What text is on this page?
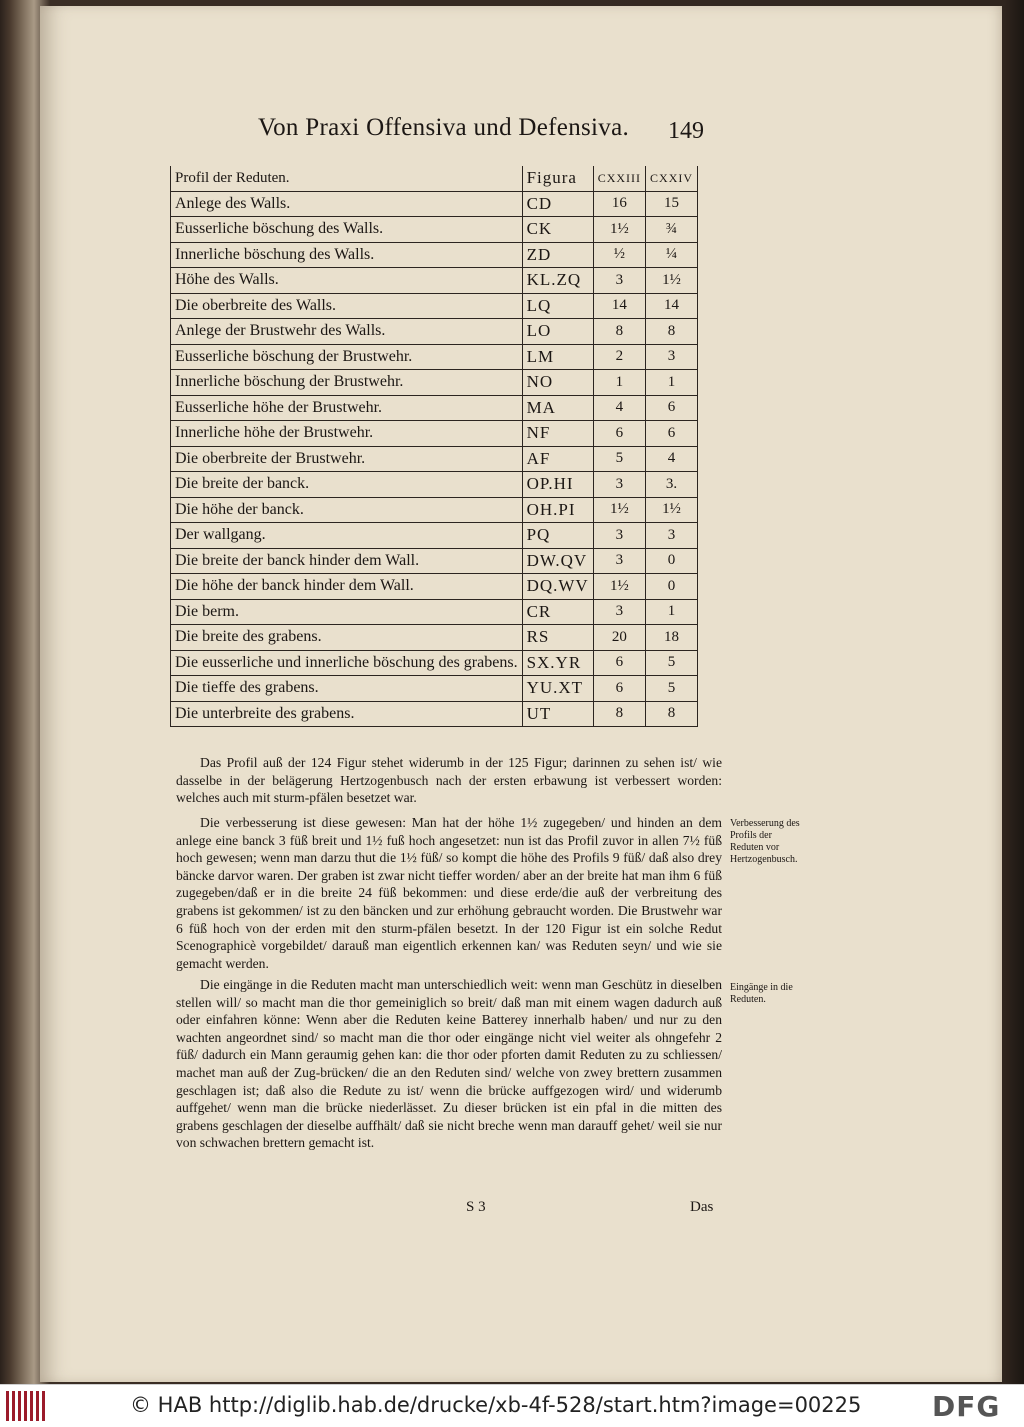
Von Praxi Offensiva und Defensiva. 149
Profil der Reduten.	Figura	CXXIII	CXXIV
Anlege des Walls.	CD	16	15
Eusserliche böschung des Walls.	CK	1½	¾
Innerliche böschung des Walls.	ZD	½	¼
Höhe des Walls.	KL.ZQ	3	1½
Die oberbreite des Walls.	LQ	14	14
Anlege der Brustwehr des Walls.	LO	8	8
Eusserliche böschung der Brustwehr.	LM	2	3
Innerliche böschung der Brustwehr.	NO	1	1
Eusserliche höhe der Brustwehr.	MA	4	6
Innerliche höhe der Brustwehr.	NF	6	6
Die oberbreite der Brustwehr.	AF	5	4
Die breite der banck.	OP.HI	3	3.
Die höhe der banck.	OH.PI	1½	1½
Der wallgang.	PQ	3	3
Die breite der banck hinder dem Wall.	DW.QV	3	0
Die höhe der banck hinder dem Wall.	DQ.WV	1½	0
Die berm.	CR	3	1
Die breite des grabens.	RS	20	18
Die eusserliche und innerliche böschung des grabens.	SX.YR	6	5
Die tieffe des grabens.	YU.XT	6	5
Die unterbreite des grabens.	UT	8	8

Das Profil auß der 124 Figur stehet widerumb in der 125 Figur; darinnen zu sehen ist/ wie dasselbe in der belägerung Hertzogenbusch nach der ersten erbawung ist verbessert worden: welches auch mit sturm-pfälen besetzet war.

Die verbesserung ist diese gewesen: Man hat der höhe 1½ zugegeben/ und hinden an dem anlege eine banck 3 füß breit und 1½ fuß hoch angesetzet: nun ist das Profil zuvor in allen 7½ füß hoch gewesen; wenn man darzu thut die 1½ füß/ so kompt die höhe des Profils 9 füß/ daß also drey bäncke darvor waren. Der graben ist zwar nicht tieffer worden/ aber an der breite hat man ihm 6 füß zugegeben/daß er in die breite 24 füß bekommen: und diese erde/die auß der verbreitung des grabens ist gekommen/ ist zu den bäncken und zur erhöhung gebraucht worden. Die Brustwehr war 6 füß hoch von der erden mit den sturm-pfälen besetzt. In der 120 Figur ist ein solche Redut Scenographicè vorgebildet/ darauß man eigentlich erkennen kan/ was Reduten seyn/ und wie sie gemacht werden.

Die eingänge in die Reduten macht man unterschiedlich weit: wenn man Geschütz in dieselben stellen will/ so macht man die thor gemeiniglich so breit/ daß man mit einem wagen dadurch auß oder einfahren könne: Wenn aber die Reduten keine Batterey innerhalb haben/ und nur zu den wachten angeordnet sind/ so macht man die thor oder eingänge nicht viel weiter als ohngefehr 2 füß/ dadurch ein Mann geraumig gehen kan: die thor oder pforten damit Reduten zu zu schliessen/ machet man auß der Zug-brücken/ die an den Reduten sind/ welche von zwey brettern zusammen geschlagen ist; daß also die Redute zu ist/ wenn die brücke auffgezogen wird/ und widerumb auffgehet/ wenn man die brücke niederlässet. Zu dieser brücken ist ein pfal in die mitten des grabens geschlagen der dieselbe auffhält/ daß sie nicht breche wenn man darauff gehet/ weil sie nur von schwachen brettern gemacht ist.

Verbesserung des Profils der Reduten vor Hertzogenbusch.

Eingänge in die Reduten.

S 3	Das
© HAB http://diglib.hab.de/drucke/xb-4f-528/start.htm?image=00225	DFG
